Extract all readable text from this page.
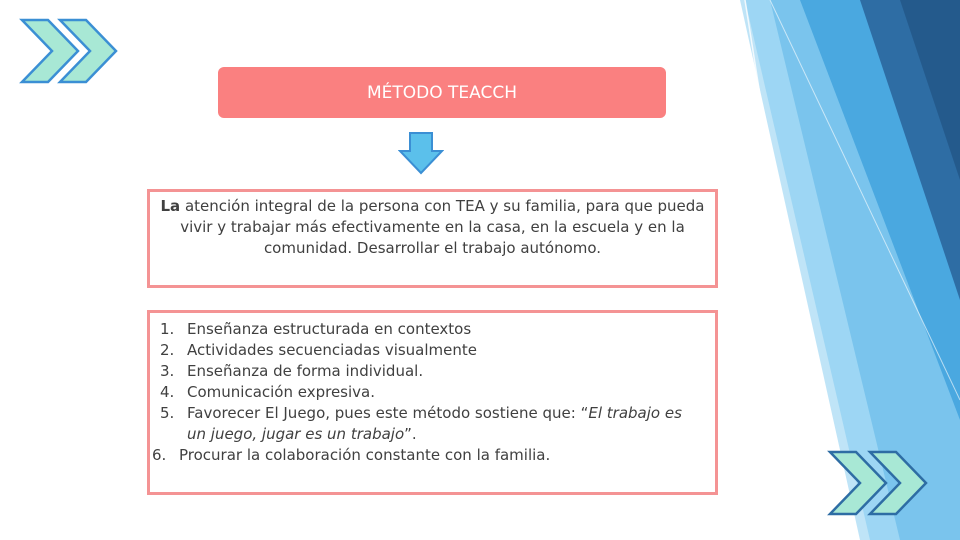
MÉTODO TEACCH
La atención integral de la persona con TEA y su familia, para que pueda vivir y trabajar más efectivamente en la casa, en la escuela y en la comunidad. Desarrollar el trabajo autónomo.
1. Enseñanza estructurada en contextos
2. Actividades secuenciadas visualmente
3. Enseñanza de forma individual.
4. Comunicación expresiva.
5. Favorecer El Juego, pues este método sostiene que: “El trabajo es un juego, jugar es un trabajo”.
6. Procurar la colaboración constante con la familia.
